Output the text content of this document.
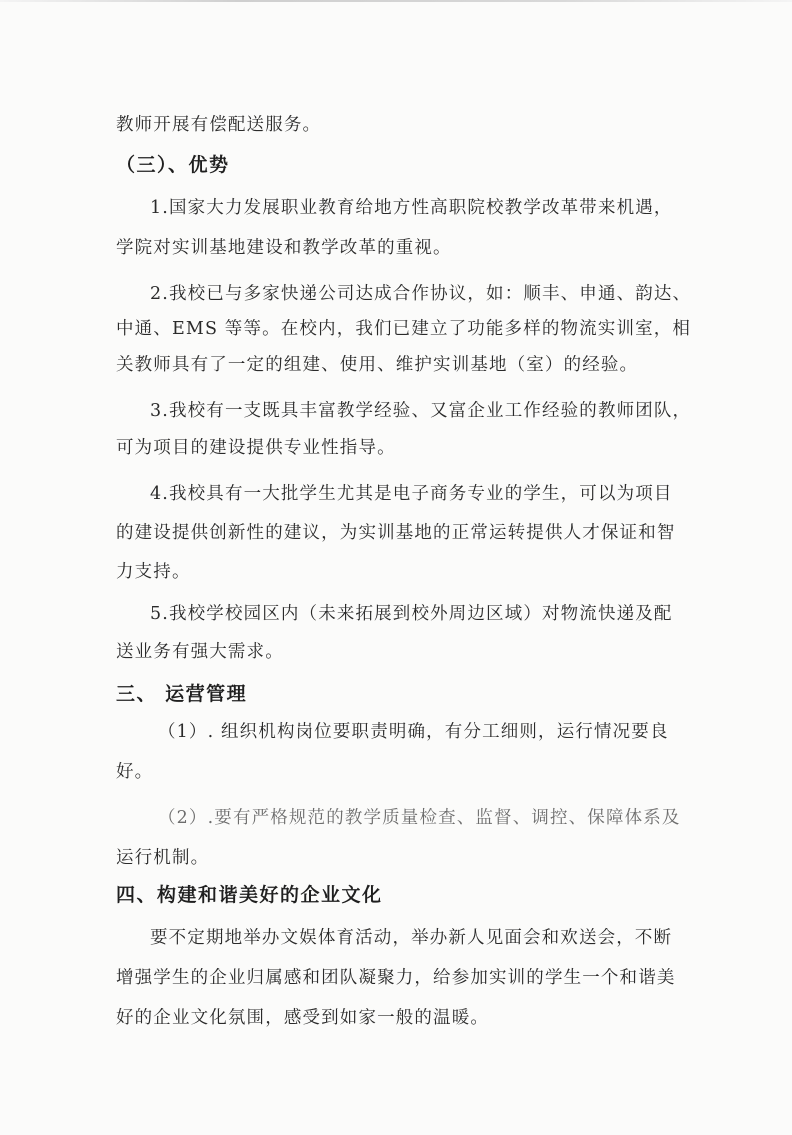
教师开展有偿配送服务。
（三）、优势
1.国家大力发展职业教育给地方性高职院校教学改革带来机遇，
学院对实训基地建设和教学改革的重视。
2.我校已与多家快递公司达成合作协议，如：顺丰、申通、韵达、
中通、EMS 等等。在校内，我们已建立了功能多样的物流实训室，相
关教师具有了一定的组建、使用、维护实训基地（室）的经验。
3.我校有一支既具丰富教学经验、又富企业工作经验的教师团队，
可为项目的建设提供专业性指导。
4.我校具有一大批学生尤其是电子商务专业的学生，可以为项目
的建设提供创新性的建议，为实训基地的正常运转提供人才保证和智
力支持。
5.我校学校园区内（未来拓展到校外周边区域）对物流快递及配
送业务有强大需求。
三、 运营管理
（1）. 组织机构岗位要职责明确，有分工细则，运行情况要良
好。
（2）.要有严格规范的教学质量检查、监督、调控、保障体系及
运行机制。
四、构建和谐美好的企业文化
要不定期地举办文娱体育活动，举办新人见面会和欢送会，不断
增强学生的企业归属感和团队凝聚力，给参加实训的学生一个和谐美
好的企业文化氛围，感受到如家一般的温暖。
